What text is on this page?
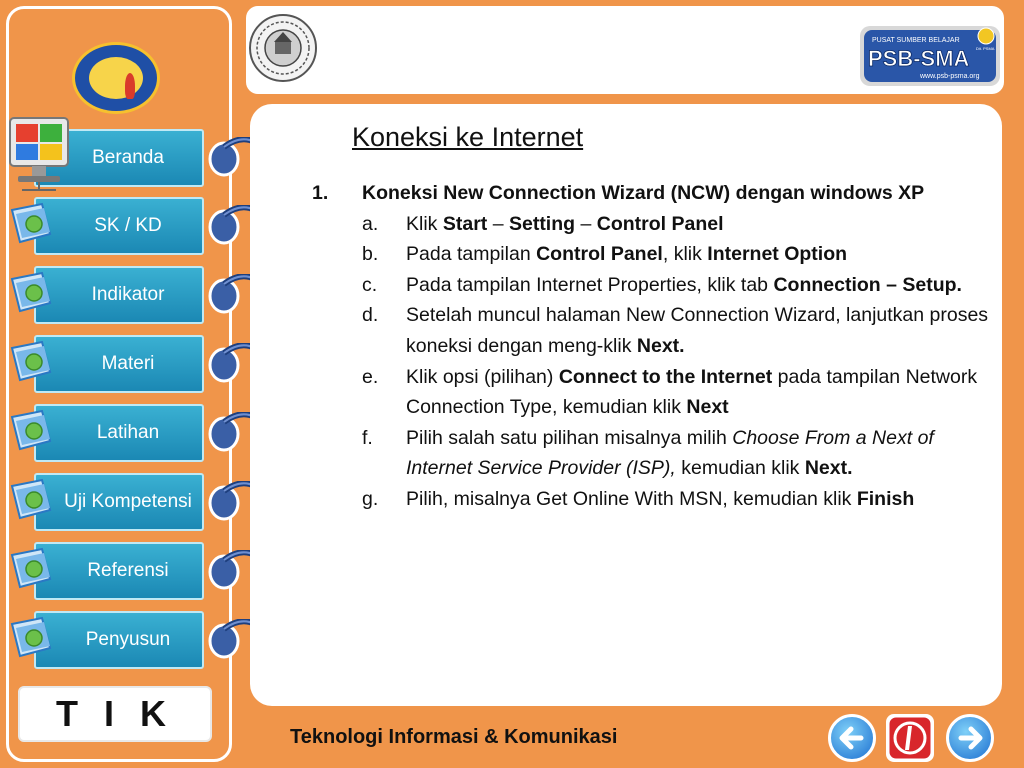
Beranda
SK / KD
Indikator
Materi
Latihan
Uji Kompetensi
Referensi
Penyusun
T I K
PUSAT SUMBER BELAJAR
PSB-SMA
www.psb-psma.org
Dit. PSMA
Koneksi ke Internet
1.	Koneksi New Connection Wizard (NCW) dengan windows XP
a.	Klik Start – Setting – Control Panel
b.	Pada tampilan Control Panel, klik Internet Option
c.	Pada tampilan Internet Properties, klik tab Connection – Setup.
d.	Setelah muncul halaman New Connection Wizard, lanjutkan proses koneksi dengan meng-klik Next.
e.	Klik opsi (pilihan) Connect to the Internet pada tampilan Network Connection Type, kemudian klik Next
f.	Pilih salah satu pilihan misalnya milih Choose From a Next of Internet Service Provider (ISP), kemudian klik Next.
g.	Pilih, misalnya Get Online With MSN, kemudian klik Finish
Teknologi Informasi & Komunikasi
